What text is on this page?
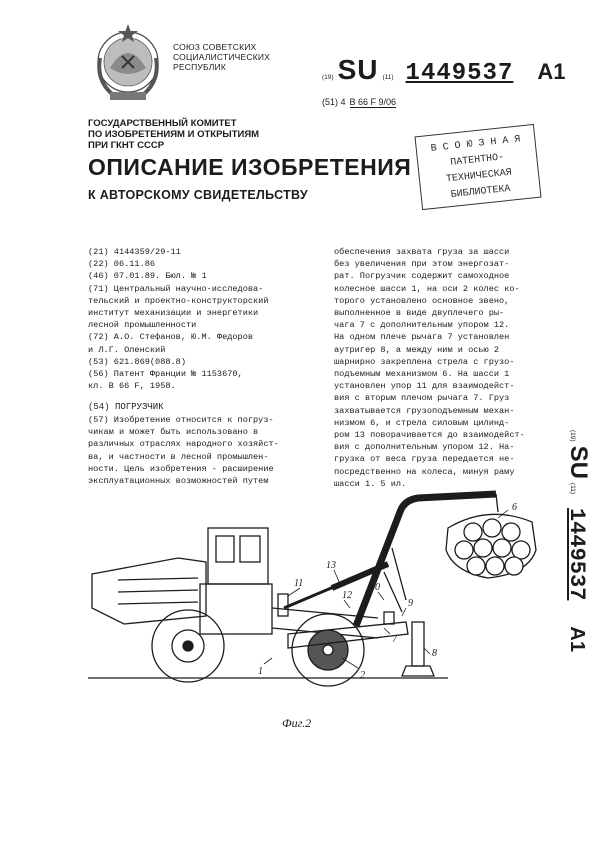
СОЮЗ СОВЕТСКИХ
СОЦИАЛИСТИЧЕСКИХ
РЕСПУБЛИК
(19) SU (11) 1449537 A1
(51) 4 B 66 F 9/06
ГОСУДАРСТВЕННЫЙ КОМИТЕТ
ПО ИЗОБРЕТЕНИЯМ И ОТКРЫТИЯМ
ПРИ ГКНТ СССР	В С О Ю З Н А Я
ПАТЕНТНО-ТЕХНИЧЕСКАЯ
БИБЛИОТЕКА
ОПИСАНИЕ ИЗОБРЕТЕНИЯ
К АВТОРСКОМУ СВИДЕТЕЛЬСТВУ
(21) 4144359/29-11
(22) 06.11.86
(46) 07.01.89. Бюл. № 1
(71) Центральный научно-исследова-
тельский и проектно-конструкторский
институт механизации и энергетики
лесной промышленности
(72) А.О. Стефанов, Ю.М. Федоров
и Л.Г. Оленский
(53) 621.869(088.8)
(56) Патент Франции № 1153670,
кл. В 66 F, 1958.
(54) ПОГРУЗЧИК
(57) Изобретение относится к погруз-
чикам и может быть использовано в
различных отраслях народного хозяйст-
ва, и частности в лесной промышлен-
ности. Цель изобретения - расширение
эксплуатационных возможностей путем
обеспечения захвата груза за шасси
без увеличения при этом энергозат-
рат. Погрузчик содержит самоходное
колесное шасси 1, на оси 2 колес ко-
торого установлено основное звено,
выполненное в виде двуплечего ры-
чага 7 с дополнительным упором 12.
На одном плече рычага 7 установлен
аутригер 8, а между ним и осью 2
шарнирно закреплена стрела с грузо-
подъемным механизмом 6. На шасси 1
установлен упор 11 для взаимодейст-
вия с вторым плечом рычага 7. Груз
захватывается грузоподъемным механ-
низмом 6, и стрела силовым цилинд-
ром 13 поворачивается до взаимодейст-
вия с дополнительным упором 12. На-
грузка от веса груза передается не-
посредственно на колеса, минуя раму
шасси 1. 5 ил.
(19) SU (11) 1449537 A1
1	2
6
7
8
9
10
11
12
13
Фиг.2
